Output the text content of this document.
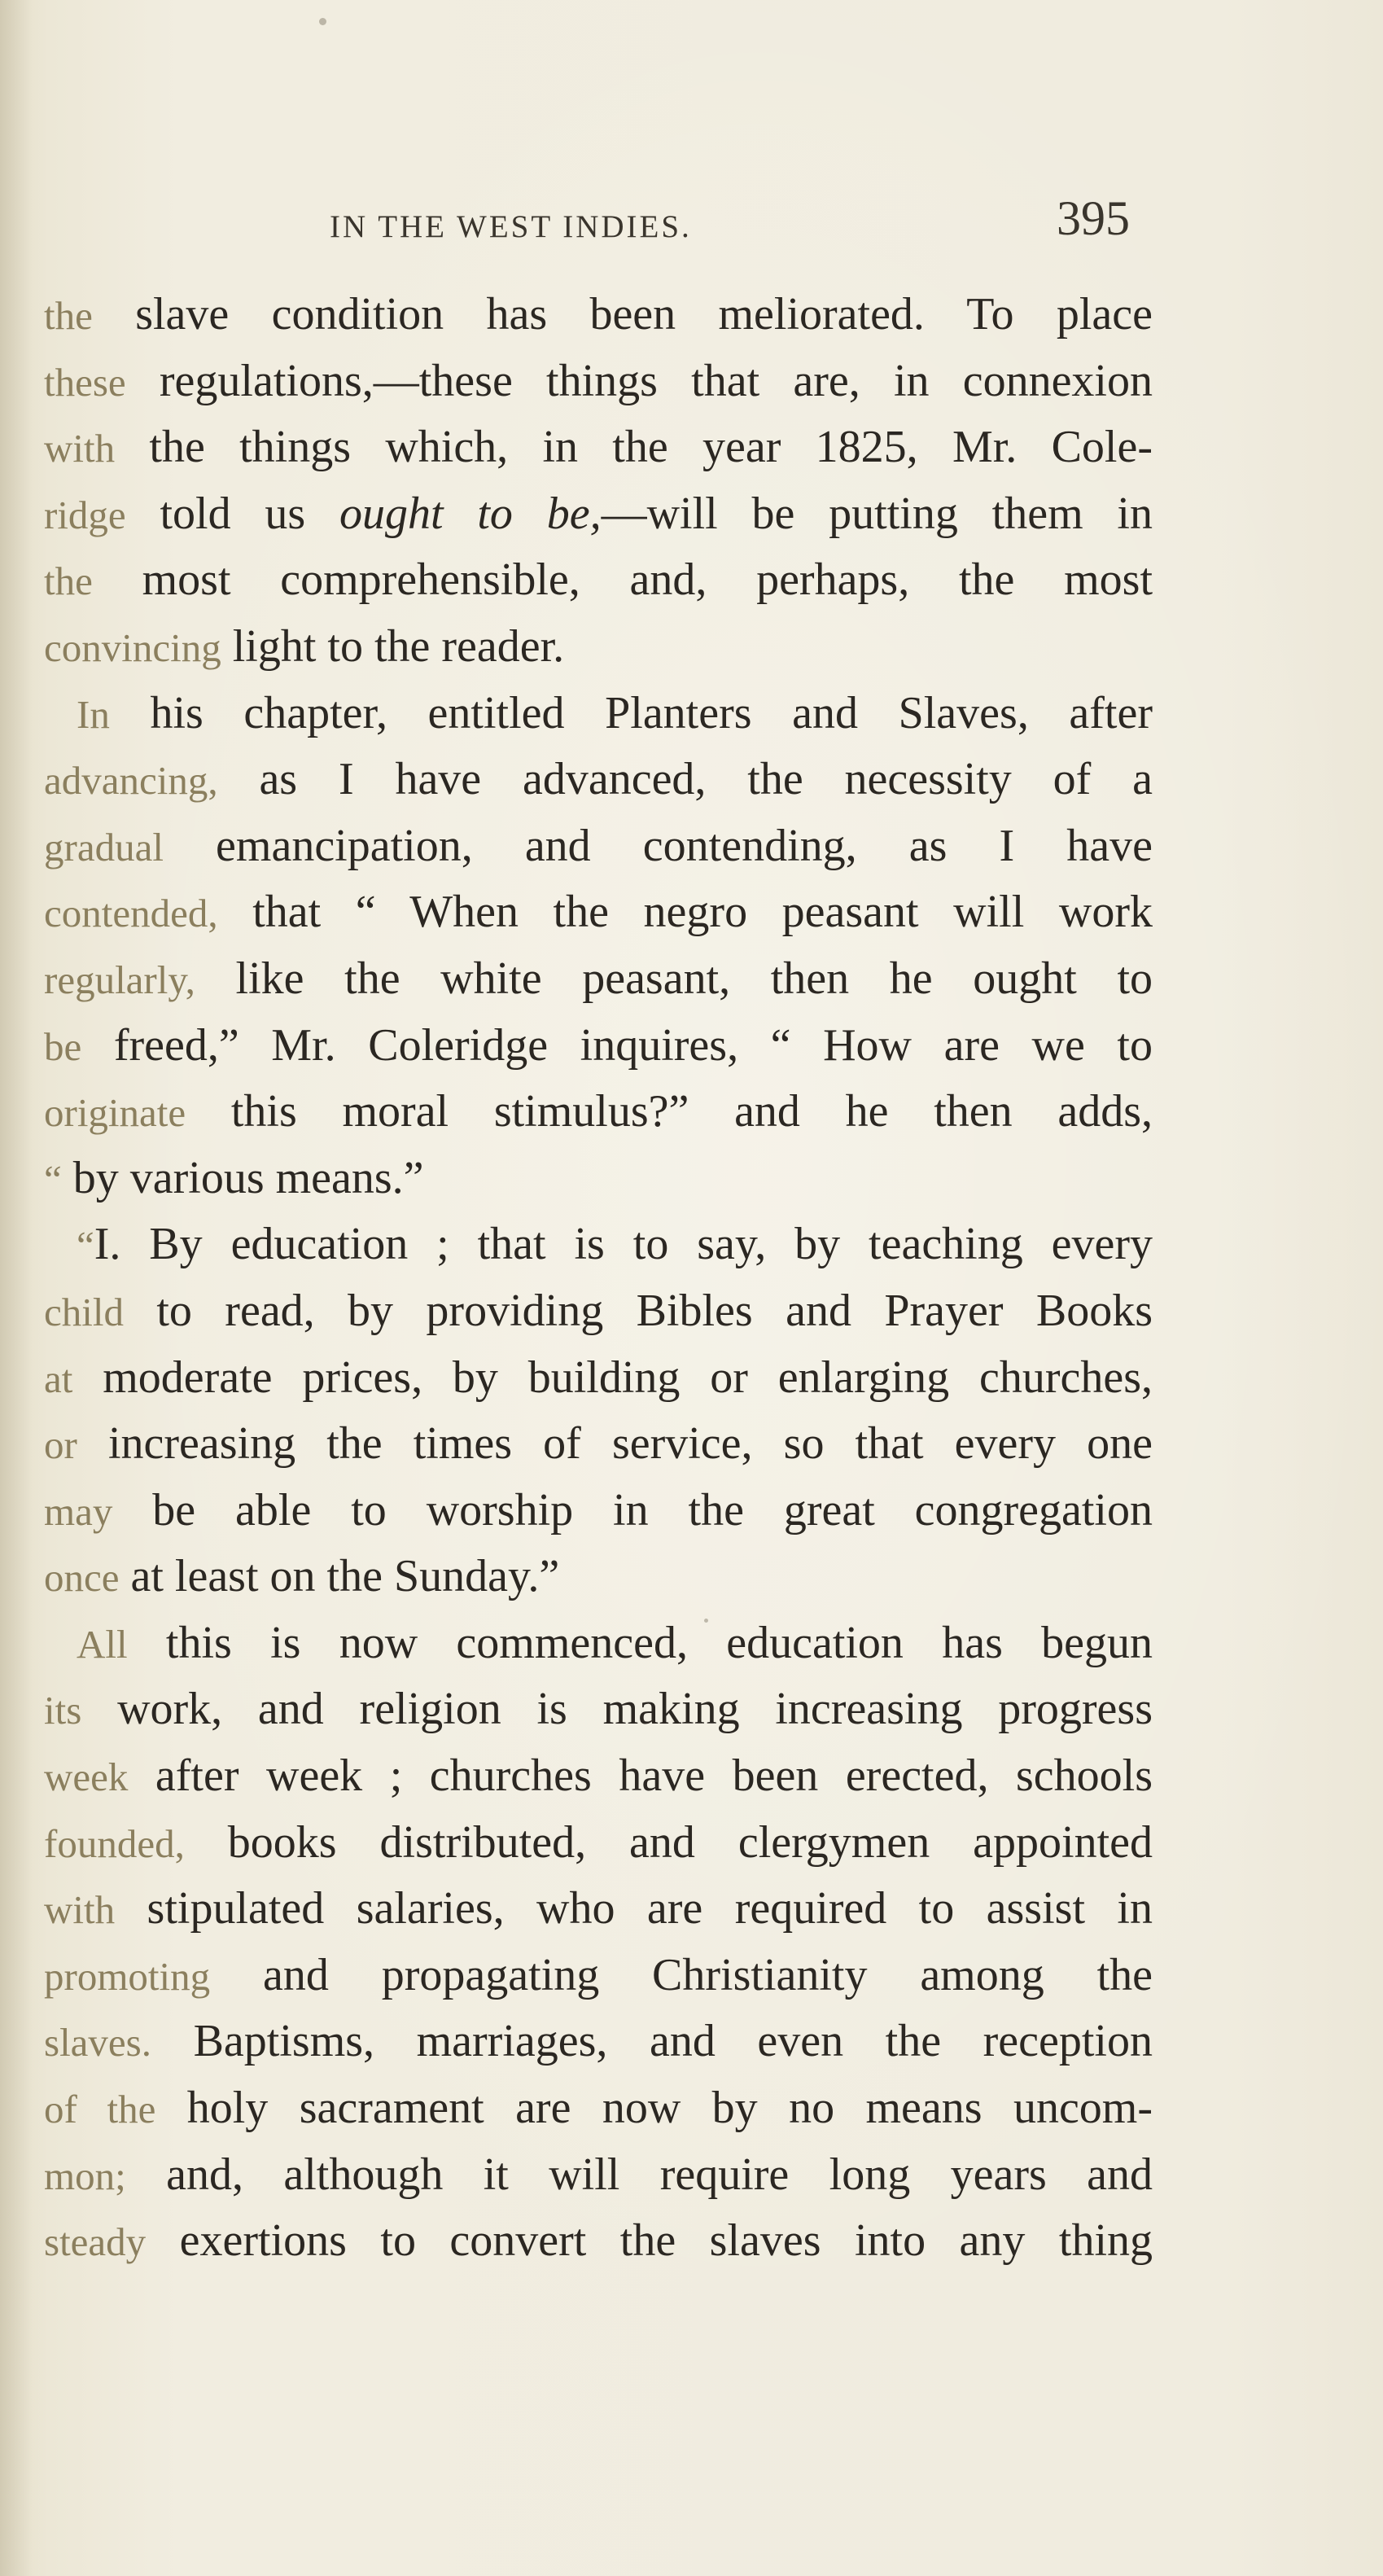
IN THE WEST INDIES.	395
the slave condition has been meliorated. To place
these regulations,—these things that are, in connexion
with the things which, in the year 1825, Mr. Cole-
ridge told us ought to be,—will be putting them in
the most comprehensible, and, perhaps, the most
convincing light to the reader.
In his chapter, entitled Planters and Slaves, after
advancing, as I have advanced, the necessity of a
gradual emancipation, and contending, as I have
contended, that “ When the negro peasant will work
regularly, like the white peasant, then he ought to
be freed,” Mr. Coleridge inquires, “ How are we to
originate this moral stimulus?” and he then adds,
“ by various means.”
“I. By education ; that is to say, by teaching every
child to read, by providing Bibles and Prayer Books
at moderate prices, by building or enlarging churches,
or increasing the times of service, so that every one
may be able to worship in the great congregation
once at least on the Sunday.”
All this is now commenced, education has begun
its work, and religion is making increasing progress
week after week ; churches have been erected, schools
founded, books distributed, and clergymen appointed
with stipulated salaries, who are required to assist in
promoting and propagating Christianity among the
slaves. Baptisms, marriages, and even the reception
of the holy sacrament are now by no means uncom-
mon; and, although it will require long years and
steady exertions to convert the slaves into any thing
